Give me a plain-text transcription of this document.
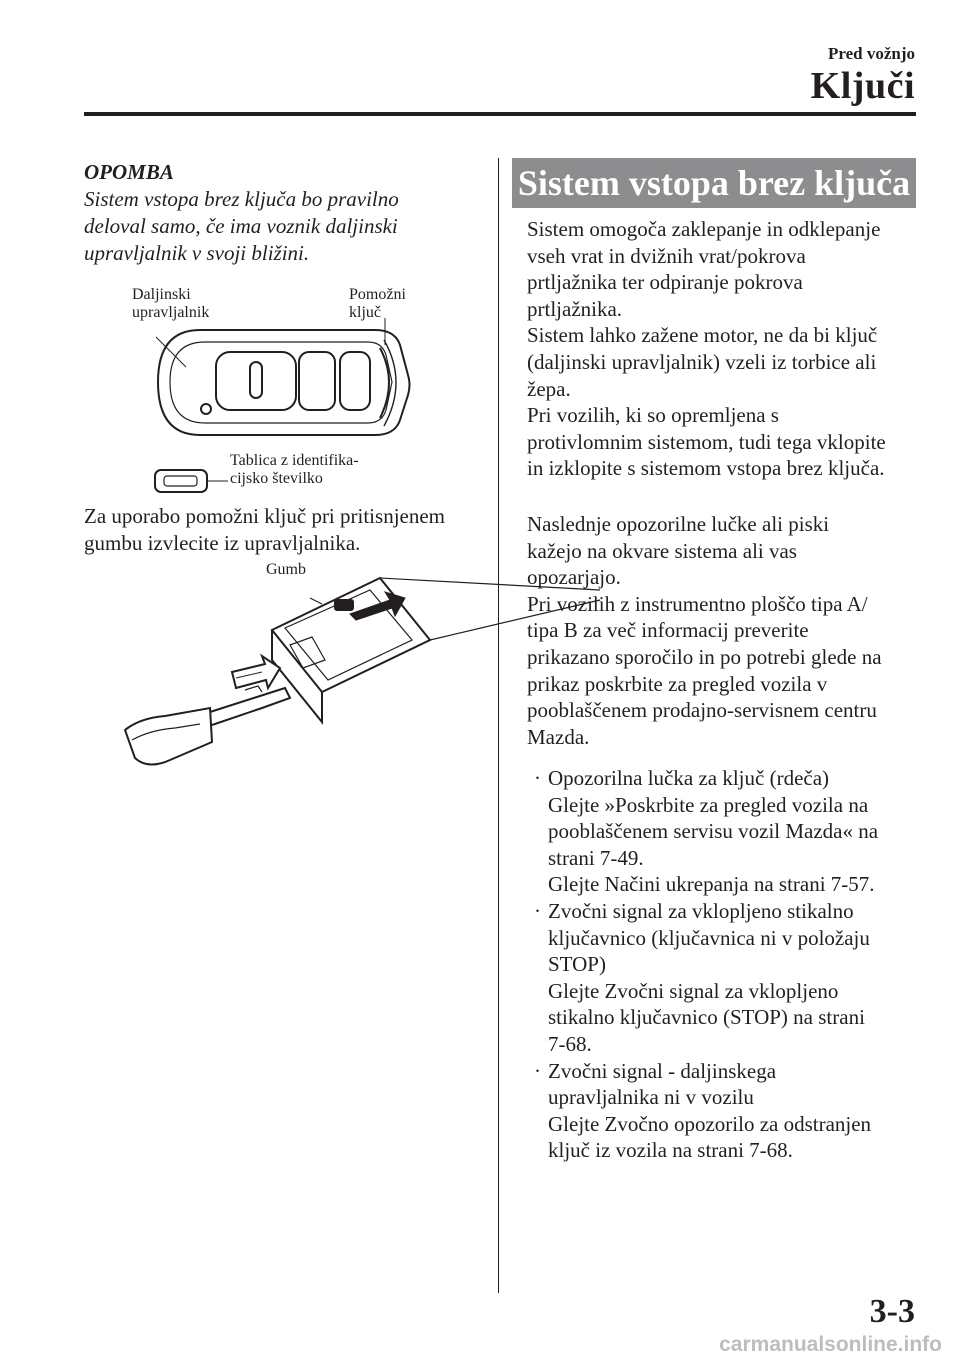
Pred vožnjo
Ključi
OPOMBA
Sistem vstopa brez ključa bo pravilno
deloval samo, če ima voznik daljinski
upravljalnik v svoji bližini.
Daljinski
upravljalnik
Pomožni
ključ
Tablica z identifika-
cijsko številko
Za uporabo pomožni ključ pri pritisnjenem
gumbu izvlecite iz upravljalnika.
Gumb
Sistem vstopa brez ključa
Sistem omogoča zaklepanje in odklepanje
vseh vrat in dvižnih vrat/pokrova
prtljažnika ter odpiranje pokrova
prtljažnika.
Sistem lahko zažene motor, ne da bi ključ
(daljinski upravljalnik) vzeli iz torbice ali
žepa.
Pri vozilih, ki so opremljena s
protivlomnim sistemom, tudi tega vklopite
in izklopite s sistemom vstopa brez ključa.
Naslednje opozorilne lučke ali piski
kažejo na okvare sistema ali vas
opozarjajo.
Pri vozilih z instrumentno ploščo tipa A/
tipa B za več informacij preverite
prikazano sporočilo in po potrebi glede na
prikaz poskrbite za pregled vozila v
pooblaščenem prodajno-servisnem centru
Mazda.
· Opozorilna lučka za ključ (rdeča)
Glejte »Poskrbite za pregled vozila na
pooblaščenem servisu vozil Mazda« na
strani 7-49.
Glejte Načini ukrepanja na strani 7-57.
· Zvočni signal za vklopljeno stikalno
ključavnico (ključavnica ni v položaju
STOP)
Glejte Zvočni signal za vklopljeno
stikalno ključavnico (STOP) na strani
7-68.
· Zvočni signal - daljinskega
upravljalnika ni v vozilu
Glejte Zvočno opozorilo za odstranjen
ključ iz vozila na strani 7-68.
3-3
carmanualsonline.info
